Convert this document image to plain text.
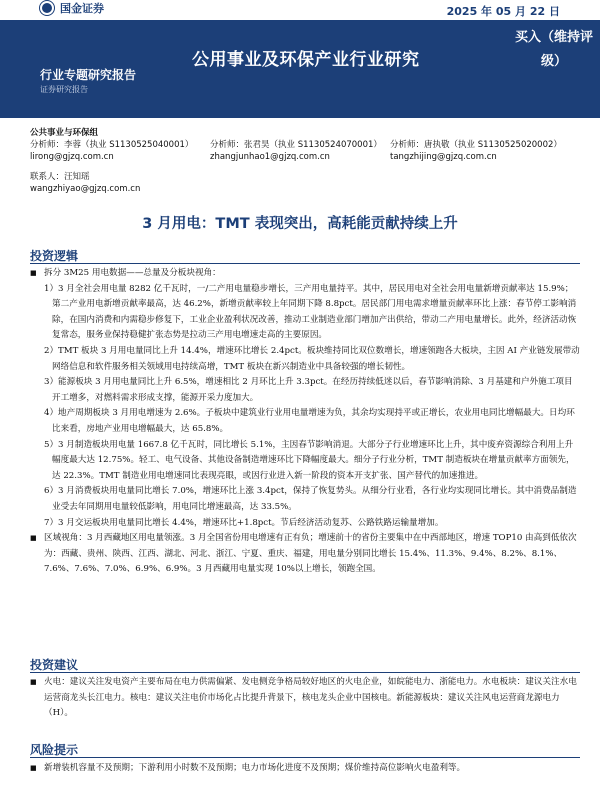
国金证券	2025 年 05 月 22 日
公用事业及环保产业行业研究
行业专题研究报告
证券研究报告
买入（维持评级）
公共事业与环保组
分析师：李蓉（执业 S1130525040001）
lirong@gjzq.com.cn
分析师：张君昊（执业 S1130524070001）
zhangjunhao1@gjzq.com.cn
分析师：唐执敬（执业 S1130525020002）
tangzhijing@gjzq.com.cn
联系人：汪知瑶
wangzhiyao@gjzq.com.cn
3 月用电：TMT 表现突出，高耗能贡献持续上升
投资逻辑
■ 拆分 3M25 用电数据——总量及分板块视角：
1）3 月全社会用电量 8282 亿千瓦时，一/二产用电量稳步增长，三产用电量持平。其中，居民用电对全社会用电量新增贡献率达 15.9%；第二产业用电新增贡献率最高，达 46.2%，新增贡献率较上年同期下降 8.8pct。居民部门用电需求增量贡献率环比上涨：春节停工影响消除，在国内消费和内需稳步修复下，工业企业盈利状况改善，推动工业制造业部门增加产出供给，带动二产用电量增长。此外，经济活动恢复常态，服务业保持稳健扩张态势是拉动三产用电增速走高的主要原因。
2）TMT 板块 3 月用电量同比上升 14.4%，增速环比增长 2.4pct。板块维持同比双位数增长，增速领跑各大板块，主因 AI 产业链发展带动网络信息和软件服务相关领域用电持续高增，TMT 板块在新兴制造业中具备较强的增长韧性。
3）能源板块 3 月用电量同比上升 6.5%，增速相比 2 月环比上升 3.3pct。在经历持续低迷以后，春节影响消除、3 月基建和户外施工项目开工增多，对燃料需求形成支撑，能源开采力度加大。
4）地产周期板块 3 月用电增速为 2.6%。子板块中建筑业行业用电量增速为负，其余均实现持平或正增长，农业用电同比增幅最大。日均环比来看，房地产业用电增幅最大，达 65.8%。
5）3 月制造板块用电量 1667.8 亿千瓦时，同比增长 5.1%，主因春节影响消退。大部分子行业增速环比上升，其中废弃资源综合利用上升幅度最大达 12.75%。轻工、电气设备、其他设备制造增速环比下降幅度最大。细分子行业分析，TMT 制造板块在增量贡献率方面领先，达 22.3%。TMT 制造业用电增速同比表现亮眼，或因行业进入新一阶段的资本开支扩张、国产替代的加速推进。
6）3 月消费板块用电量同比增长 7.0%，增速环比上涨 3.4pct，保持了恢复势头。从细分行业看，各行业均实现同比增长。其中消费品制造业受去年同期用电量较低影响，用电同比增速最高，达 33.5%。
7）3 月交运板块用电量同比增长 4.4%，增速环比+1.8pct。节后经济活动复苏、公路铁路运输量增加。
■ 区域视角：3 月西藏地区用电量领涨。3 月全国省份用电增速有正有负；增速前十的省份主要集中在中西部地区，增速 TOP10 由高到低依次为：西藏、贵州、陕西、江西、湖北、河北、浙江、宁夏、重庆、福建，用电量分别同比增长 15.4%、11.3%、9.4%、8.2%、8.1%、7.6%、7.6%、7.0%、6.9%、6.9%。3 月西藏用电量实现 10%以上增长，领跑全国。
投资建议
■ 火电：建议关注发电资产主要布局在电力供需偏紧、发电侧竞争格局较好地区的火电企业，如皖能电力、浙能电力。水电板块：建议关注水电运营商龙头长江电力。核电：建议关注电价市场化占比提升背景下，核电龙头企业中国核电。新能源板块：建议关注风电运营商龙源电力（H）。
风险提示
■ 新增装机容量不及预期；下游利用小时数不及预期；电力市场化进度不及预期；煤价维持高位影响火电盈利等。
